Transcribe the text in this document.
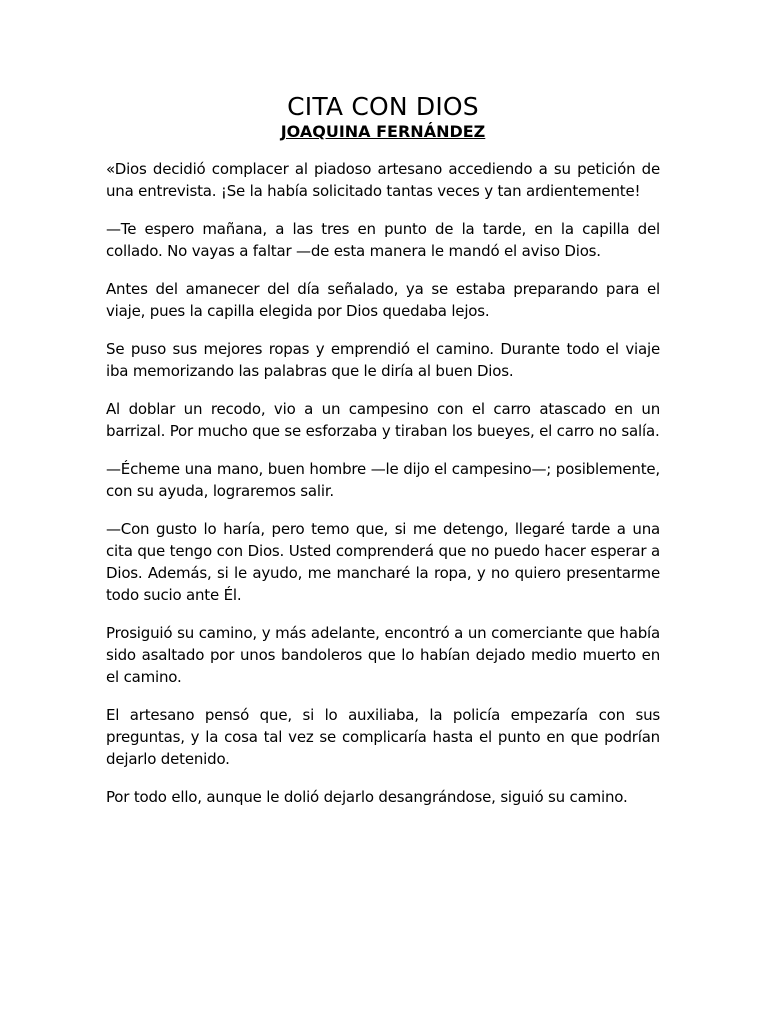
CITA CON DIOS
JOAQUINA FERNÁNDEZ

«Dios decidió complacer al piadoso artesano accediendo a su petición de una entrevista. ¡Se la había solicitado tantas veces y tan ardientemente!

—Te espero mañana, a las tres en punto de la tarde, en la capilla del collado. No vayas a faltar —de esta manera le mandó el aviso Dios.

Antes del amanecer del día señalado, ya se estaba preparando para el viaje, pues la capilla elegida por Dios quedaba lejos.

Se puso sus mejores ropas y emprendió el camino. Durante todo el viaje iba memorizando las palabras que le diría al buen Dios.

Al doblar un recodo, vio a un campesino con el carro atascado en un barrizal. Por mucho que se esforzaba y tiraban los bueyes, el carro no salía.

—Écheme una mano, buen hombre —le dijo el campesino—; posiblemente, con su ayuda, lograremos salir.

—Con gusto lo haría, pero temo que, si me detengo, llegaré tarde a una cita que tengo con Dios. Usted comprenderá que no puedo hacer esperar a Dios. Además, si le ayudo, me mancharé la ropa, y no quiero presentarme todo sucio ante Él.

Prosiguió su camino, y más adelante, encontró a un comerciante que había sido asaltado por unos bandoleros que lo habían dejado medio muerto en el camino.

El artesano pensó que, si lo auxiliaba, la policía empezaría con sus preguntas, y la cosa tal vez se complicaría hasta el punto en que podrían dejarlo detenido.

Por todo ello, aunque le dolió dejarlo desangrándose, siguió su camino.
